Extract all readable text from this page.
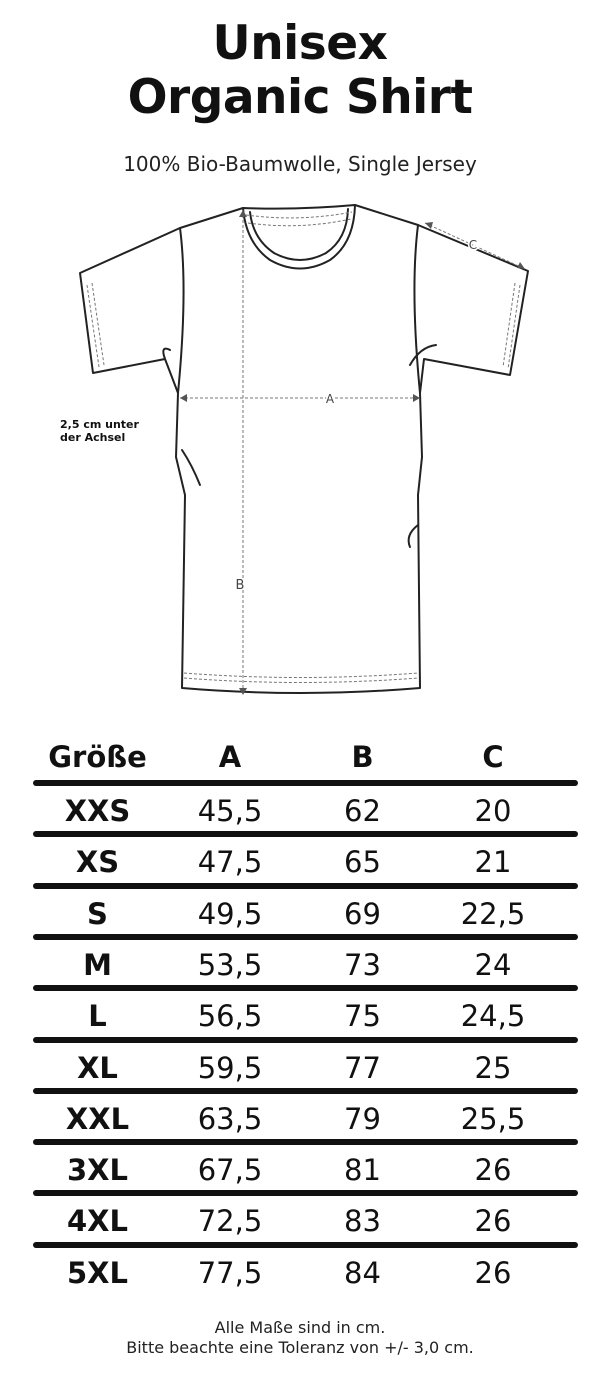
Unisex
Organic Shirt
100% Bio-Baumwolle, Single Jersey
A
B
C
2,5 cm unter
der Achsel
Größe	A	B	C
XXS	45,5	62	20
XS	47,5	65	21
S	49,5	69	22,5
M	53,5	73	24
L	56,5	75	24,5
XL	59,5	77	25
XXL	63,5	79	25,5
3XL	67,5	81	26
4XL	72,5	83	26
5XL	77,5	84	26
Alle Maße sind in cm.
Bitte beachte eine Toleranz von +/- 3,0 cm.
